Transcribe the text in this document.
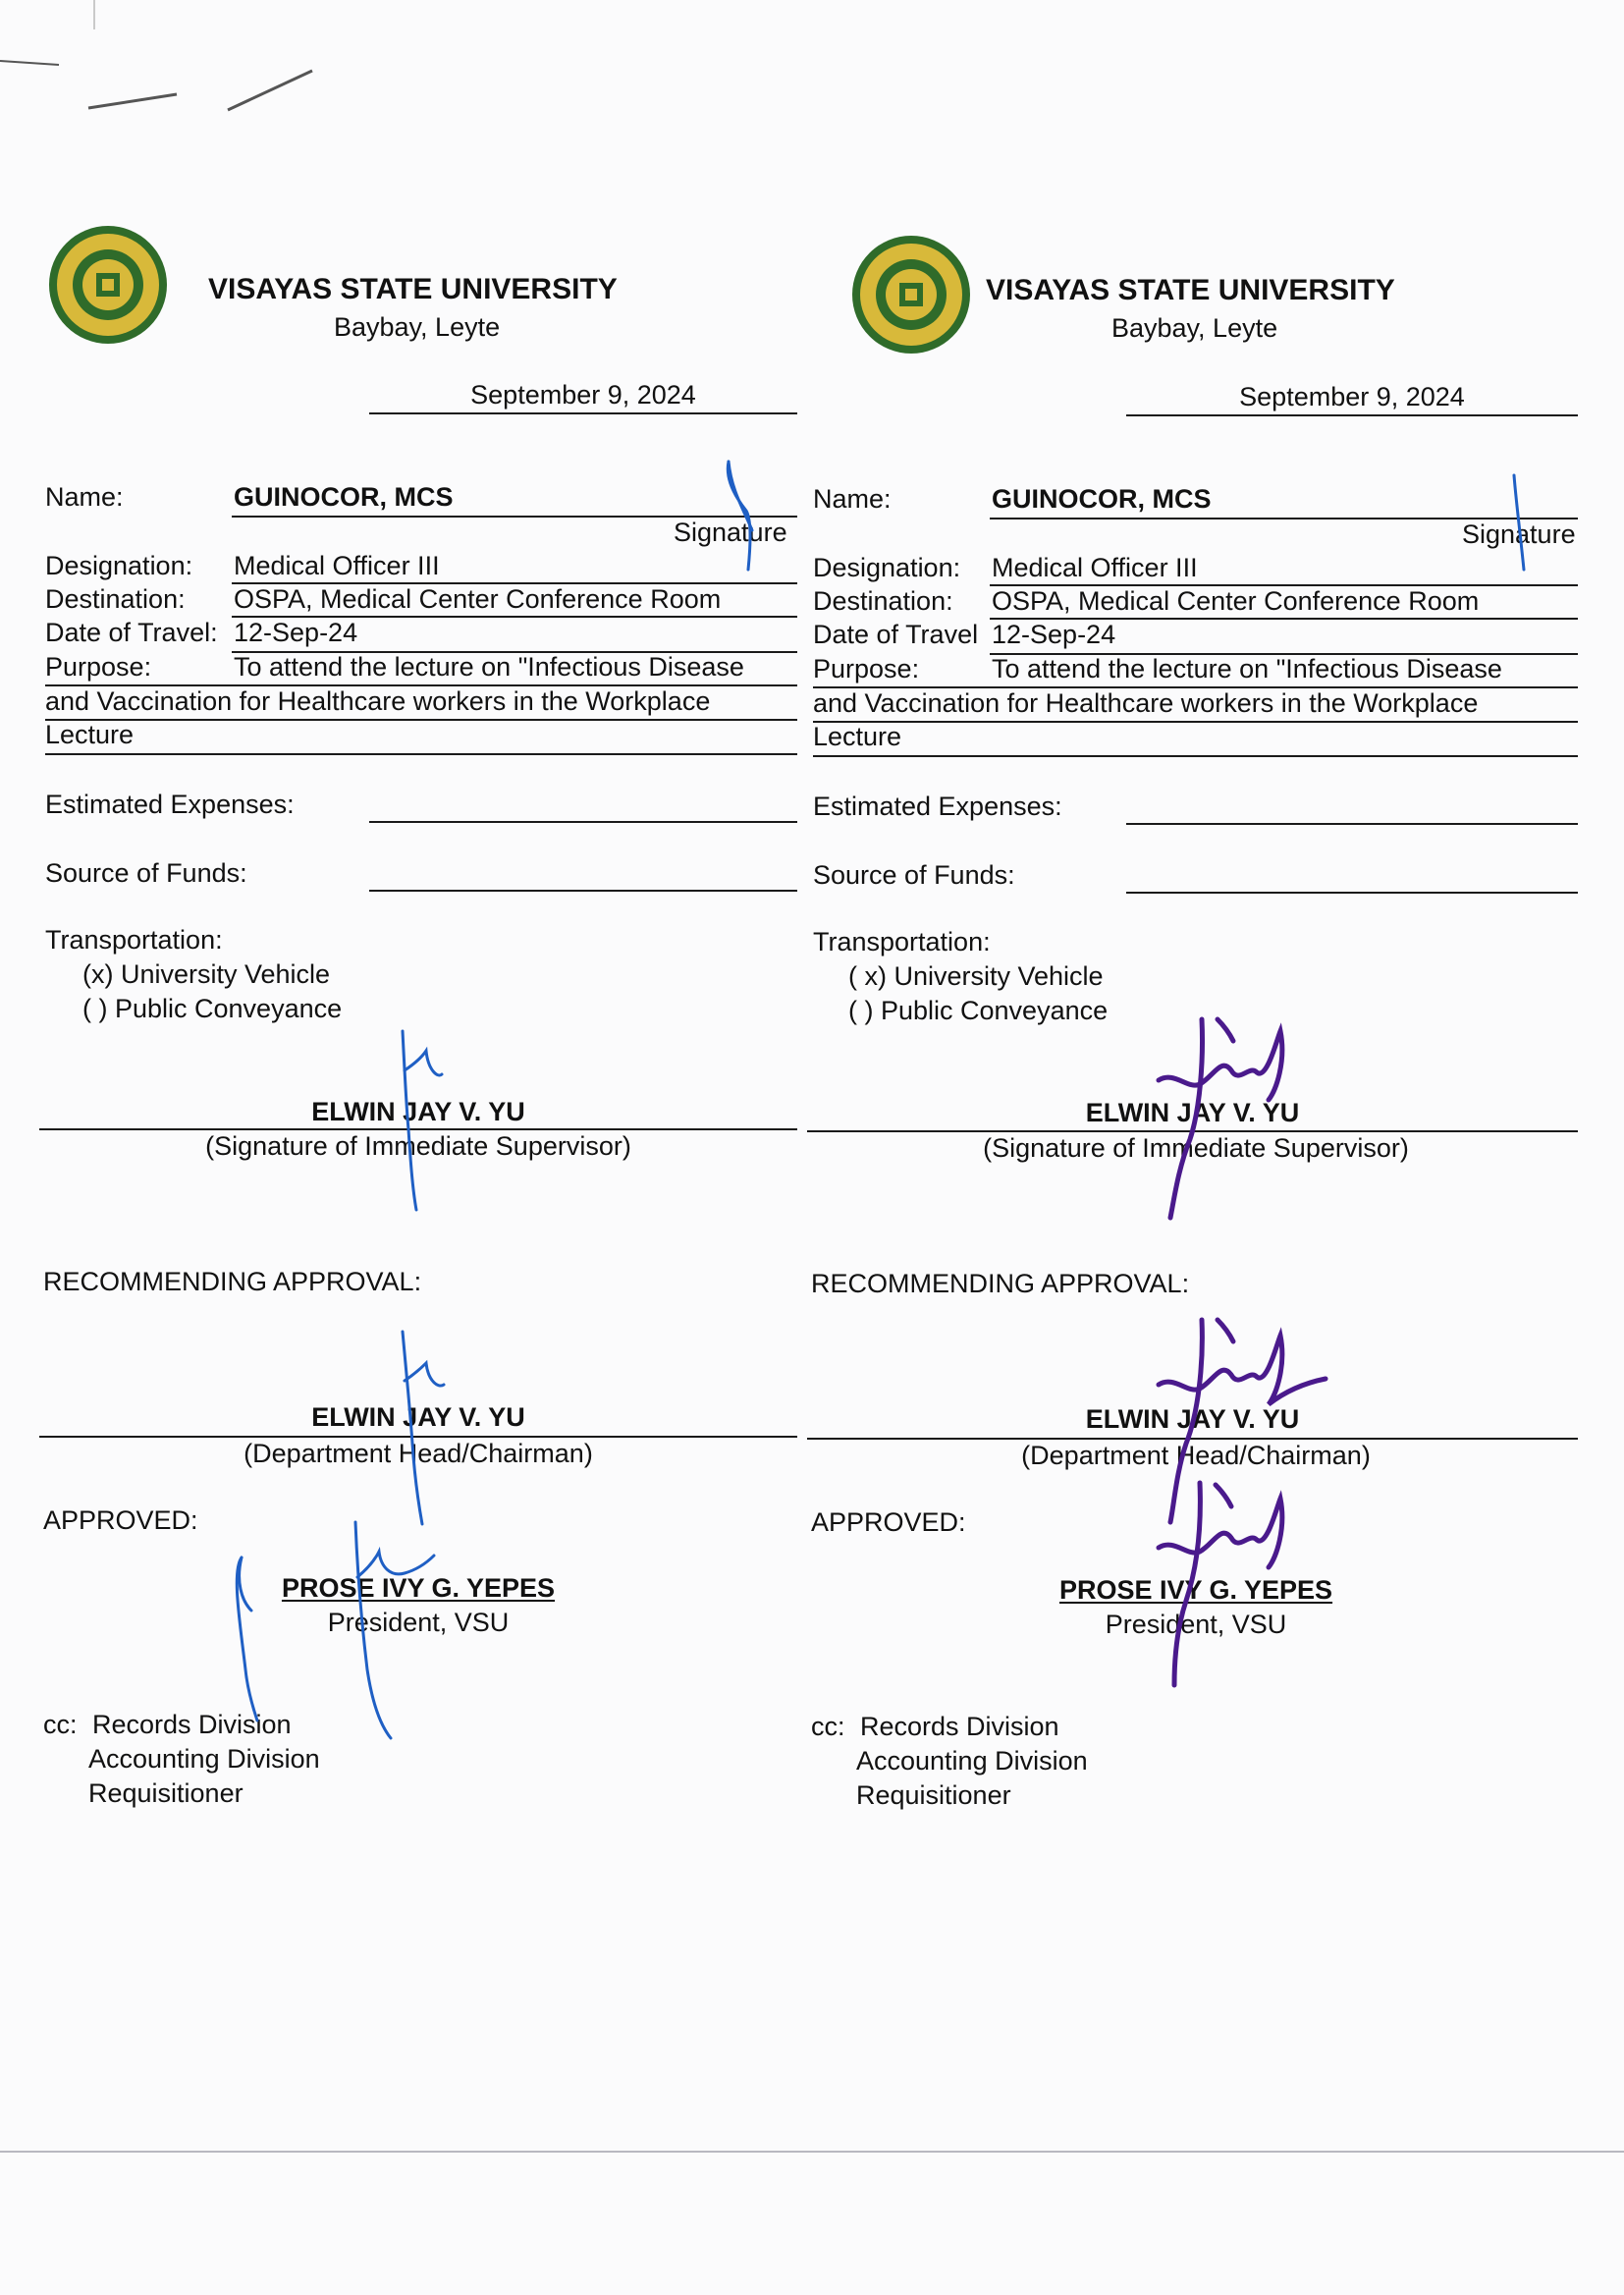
VISAYAS STATE UNIVERSITY
Baybay, Leyte
September 9, 2024
Name:	GUINOCOR, MCS
Signature
Designation: Medical Officer III
Destination: OSPA, Medical Center Conference Room
Date of Travel: 12-Sep-24
Purpose:	To attend the lecture on "Infectious Disease
and Vaccination for Healthcare workers in the Workplace
Lecture
Estimated Expenses:
Source of Funds:
Transportation:
(x) University Vehicle
( ) Public Conveyance
ELWIN JAY V. YU
(Signature of Immediate Supervisor)
RECOMMENDING APPROVAL:
ELWIN JAY V. YU
(Department Head/Chairman)
APPROVED:
PROSE IVY G. YEPES
President, VSU
cc: Records Division
Accounting Division
Requisitioner
VISAYAS STATE UNIVERSITY
Baybay, Leyte
September 9, 2024
Name:	GUINOCOR, MCS
Signature
Designation: Medical Officer III
Destination: OSPA, Medical Center Conference Room
Date of Travel 12-Sep-24
Purpose:	To attend the lecture on "Infectious Disease
and Vaccination for Healthcare workers in the Workplace
Lecture
Estimated Expenses:
Source of Funds:
Transportation:
( x) University Vehicle
( ) Public Conveyance
ELWIN JAY V. YU
(Signature of Immediate Supervisor)
RECOMMENDING APPROVAL:
ELWIN JAY V. YU
(Department Head/Chairman)
APPROVED:
PROSE IVY G. YEPES
President, VSU
cc: Records Division
Accounting Division
Requisitioner
